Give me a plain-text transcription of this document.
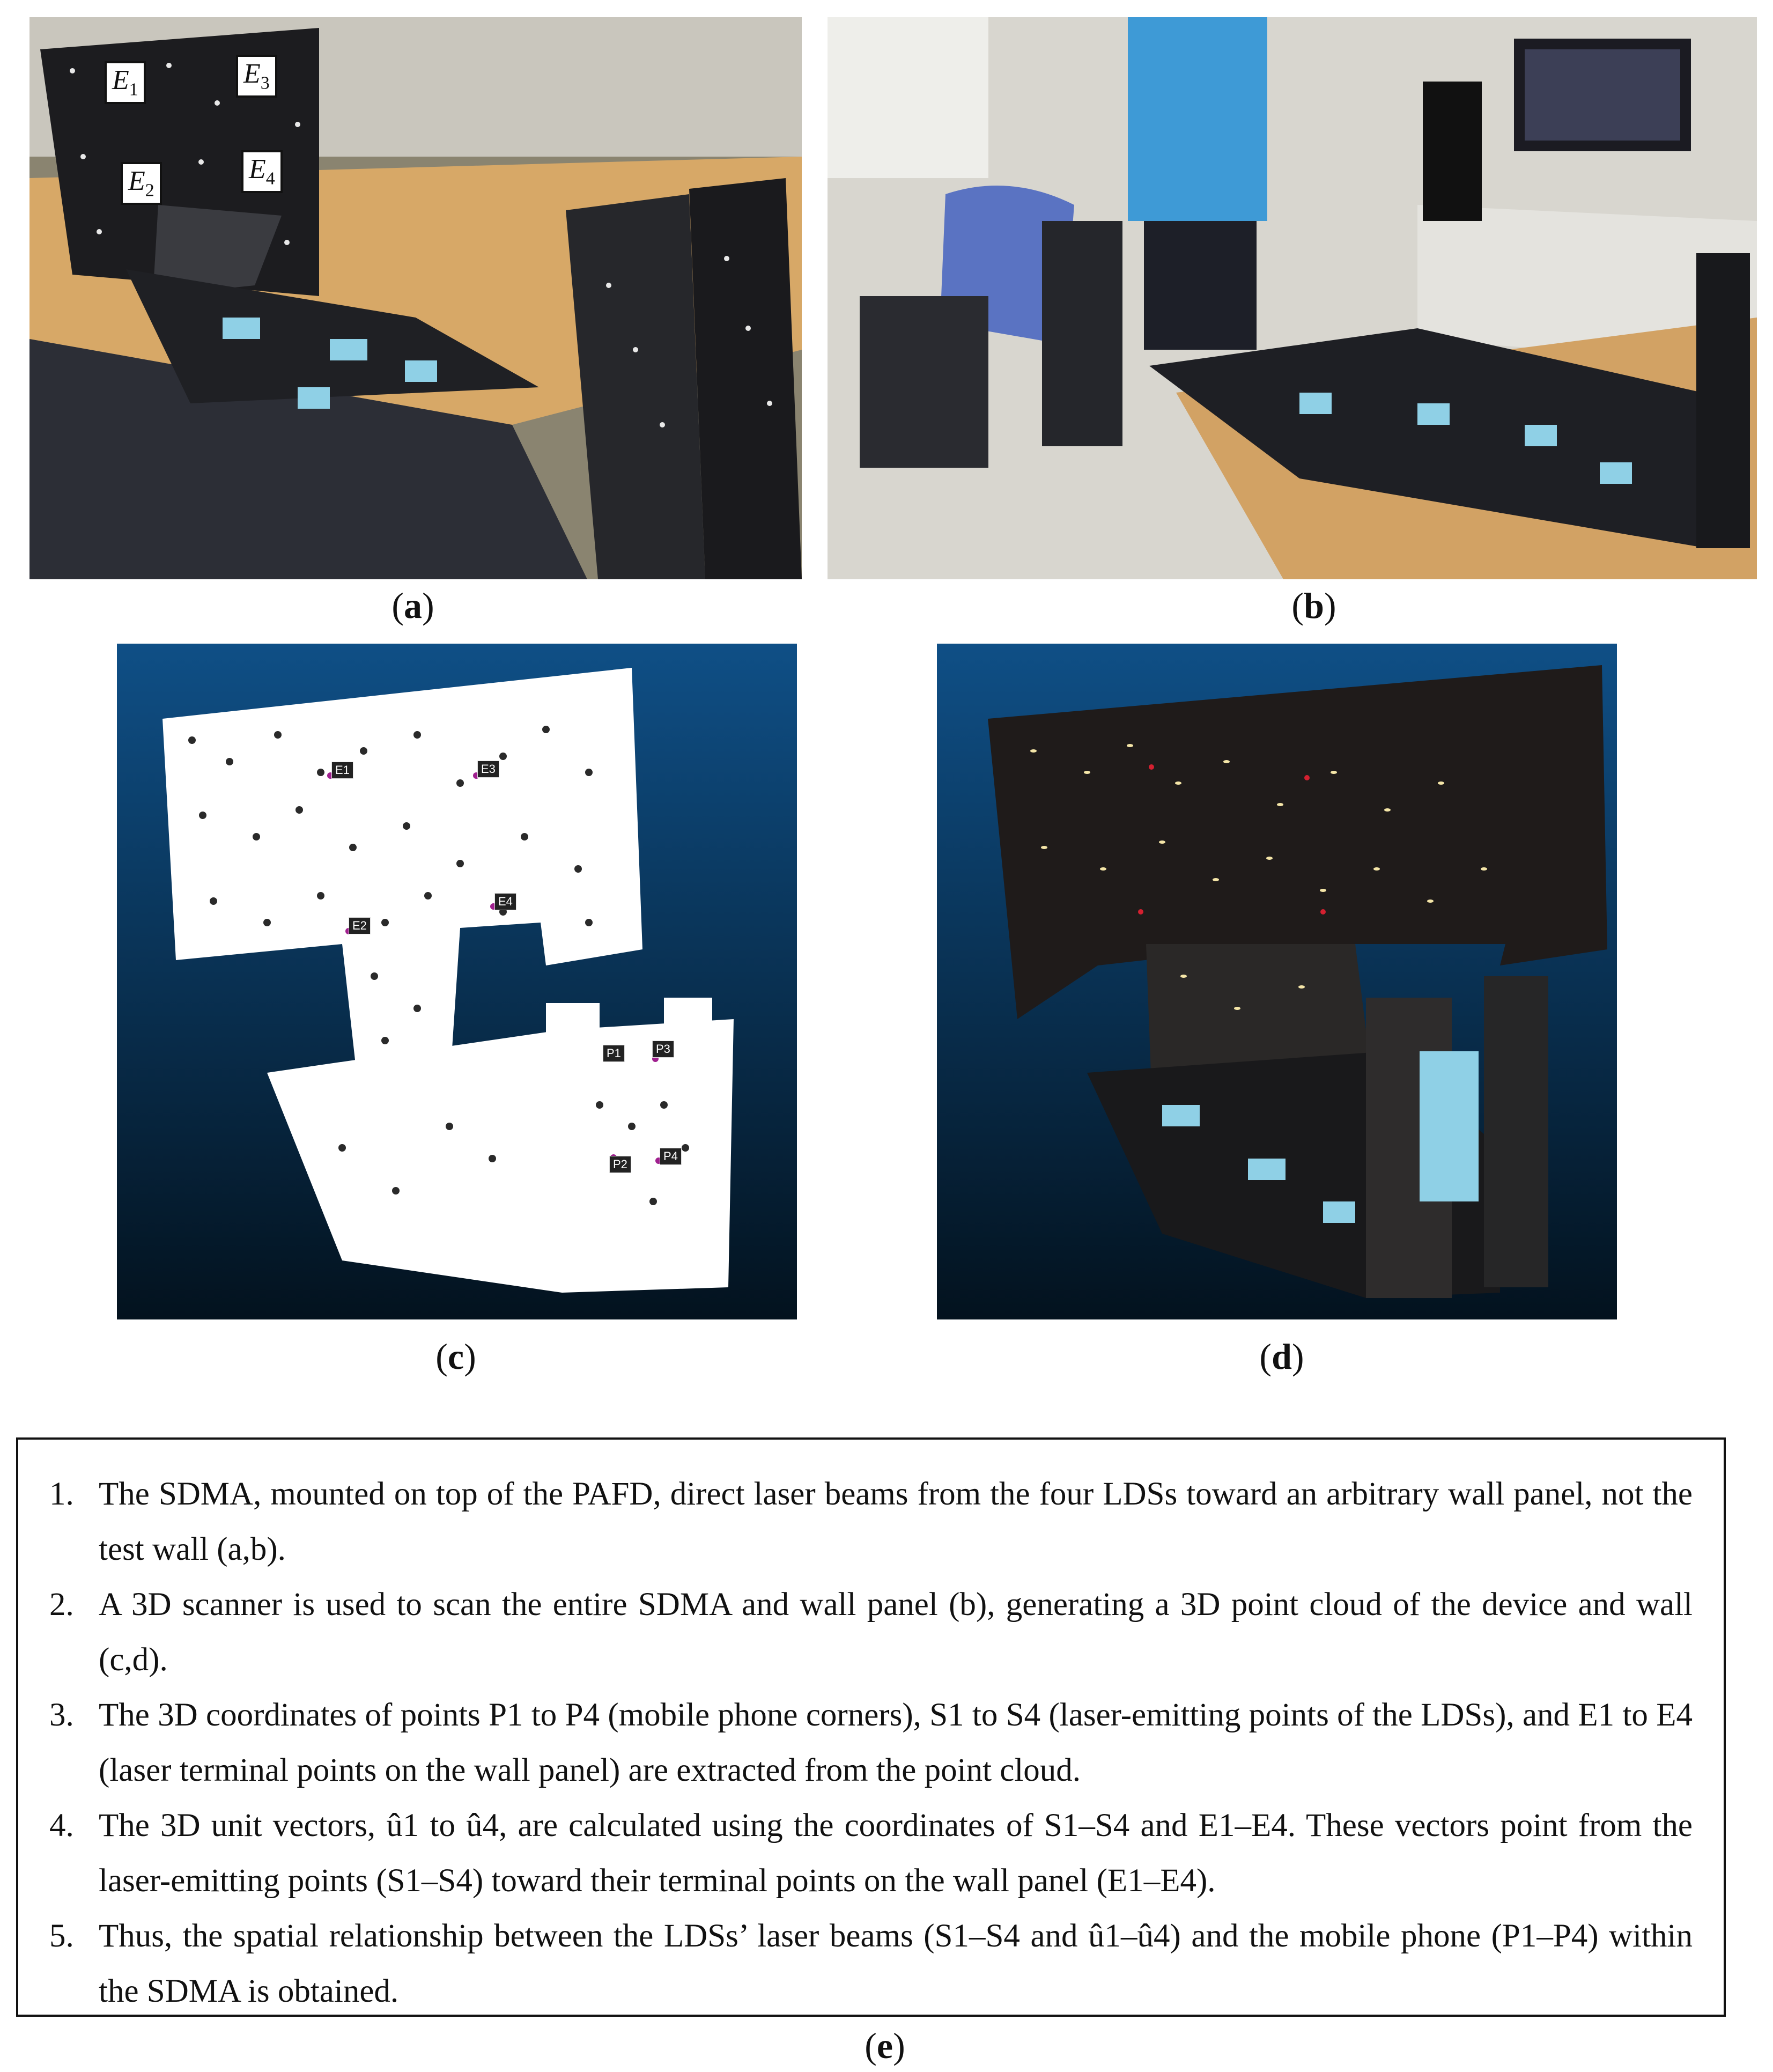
$E_1$
$E_3$
$E_2$
$E_4$
(a)	(b)
E1	E3
E2
E4
P1	P3
P2
P4
(c)	(d)
1. The SDMA, mounted on top of the PAFD, direct laser beams from the four LDSs toward an arbitrary wall panel, not the test wall (a,b).
2. A 3D scanner is used to scan the entire SDMA and wall panel (b), generating a 3D point cloud of the device and wall (c,d).
3. The 3D coordinates of points P1 to P4 (mobile phone corners), S1 to S4 (laser-emitting points of the LDSs), and E1 to E4 (laser terminal points on the wall panel) are extracted from the point cloud.
4. The 3D unit vectors, û1 to û4, are calculated using the coordinates of S1–S4 and E1–E4. These vectors point from the laser-emitting points (S1–S4) toward their terminal points on the wall panel (E1–E4).
5. Thus, the spatial relationship between the LDSs’ laser beams (S1–S4 and û1–û4) and the mobile phone (P1–P4) within the SDMA is obtained.
(e)
